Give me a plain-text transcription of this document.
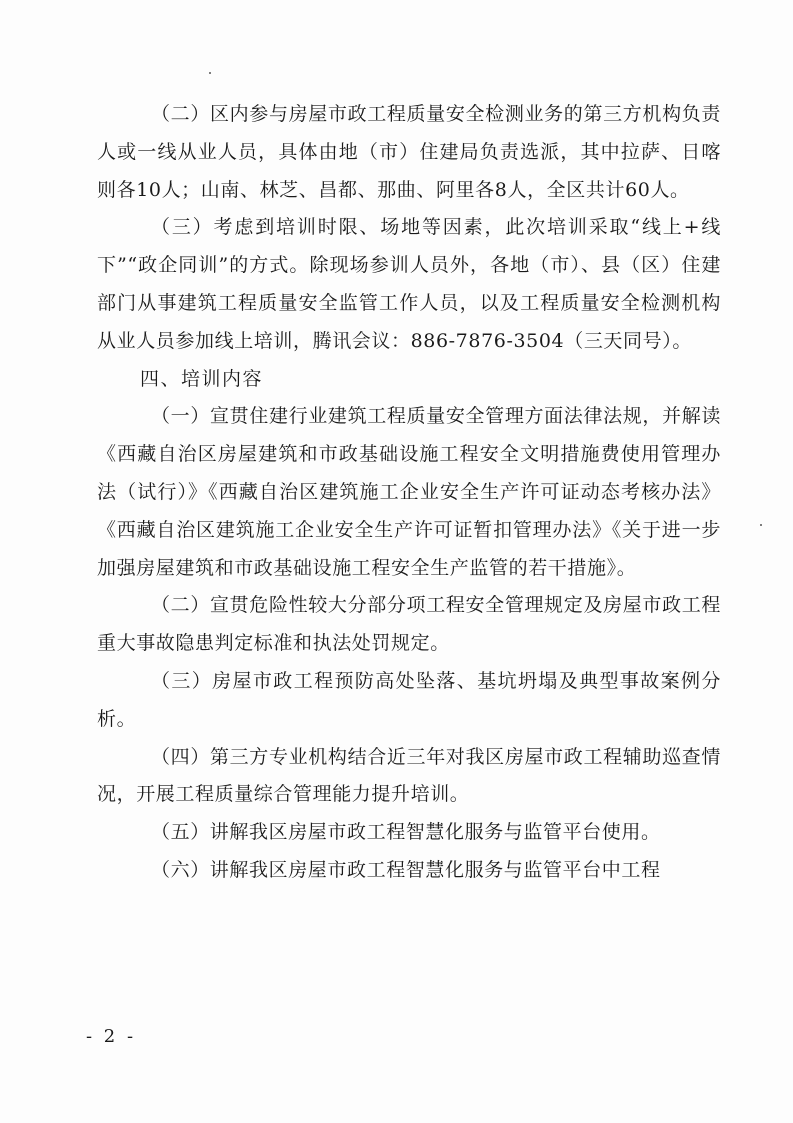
（二）区内参与房屋市政工程质量安全检测业务的第三方机构负责人或一线从业人员，具体由地（市）住建局负责选派，其中拉萨、日喀则各10人；山南、林芝、昌都、那曲、阿里各8人，全区共计60人。

（三）考虑到培训时限、场地等因素，此次培训采取“线上+线下”“政企同训”的方式。除现场参训人员外，各地（市）、县（区）住建部门从事建筑工程质量安全监管工作人员，以及工程质量安全检测机构从业人员参加线上培训，腾讯会议：886-7876-3504（三天同号）。

四、培训内容

（一）宣贯住建行业建筑工程质量安全管理方面法律法规，并解读《西藏自治区房屋建筑和市政基础设施工程安全文明措施费使用管理办法（试行）》《西藏自治区建筑施工企业安全生产许可证动态考核办法》《西藏自治区建筑施工企业安全生产许可证暂扣管理办法》《关于进一步加强房屋建筑和市政基础设施工程安全生产监管的若干措施》。

（二）宣贯危险性较大分部分项工程安全管理规定及房屋市政工程重大事故隐患判定标准和执法处罚规定。

（三）房屋市政工程预防高处坠落、基坑坍塌及典型事故案例分析。

（四）第三方专业机构结合近三年对我区房屋市政工程辅助巡查情况，开展工程质量综合管理能力提升培训。

（五）讲解我区房屋市政工程智慧化服务与监管平台使用。

（六）讲解我区房屋市政工程智慧化服务与监管平台中工程

- 2 -
